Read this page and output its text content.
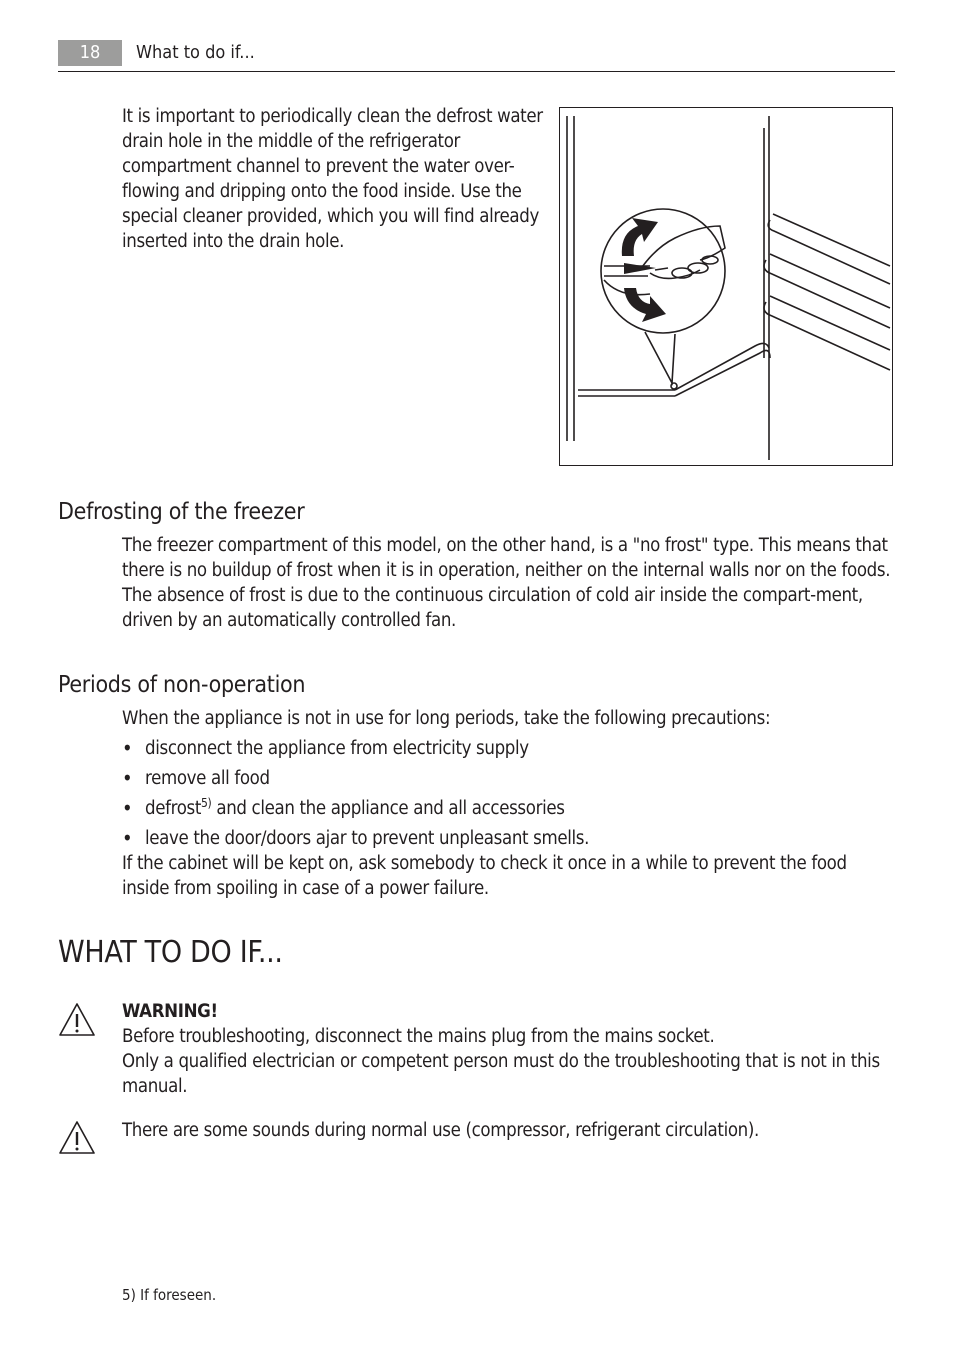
18	What to do if...
It is important to periodically clean the defrost water drain hole in the middle of the refrigerator compartment channel to prevent the water over-flowing and dripping onto the food inside. Use the special cleaner provided, which you will find already inserted into the drain hole.
Defrosting of the freezer
The freezer compartment of this model, on the other hand, is a "no frost" type. This means that there is no buildup of frost when it is in operation, neither on the internal walls nor on the foods.
The absence of frost is due to the continuous circulation of cold air inside the compart-ment, driven by an automatically controlled fan.
Periods of non-operation
When the appliance is not in use for long periods, take the following precautions:
• disconnect the appliance from electricity supply
• remove all food
• defrost$^{5)}$ and clean the appliance and all accessories
• leave the door/doors ajar to prevent unpleasant smells.
If the cabinet will be kept on, ask somebody to check it once in a while to prevent the food inside from spoiling in case of a power failure.
WHAT TO DO IF...
WARNING!
Before troubleshooting, disconnect the mains plug from the mains socket.
Only a qualified electrician or competent person must do the troubleshooting that is not in this manual.
There are some sounds during normal use (compressor, refrigerant circulation).
5) If foreseen.
